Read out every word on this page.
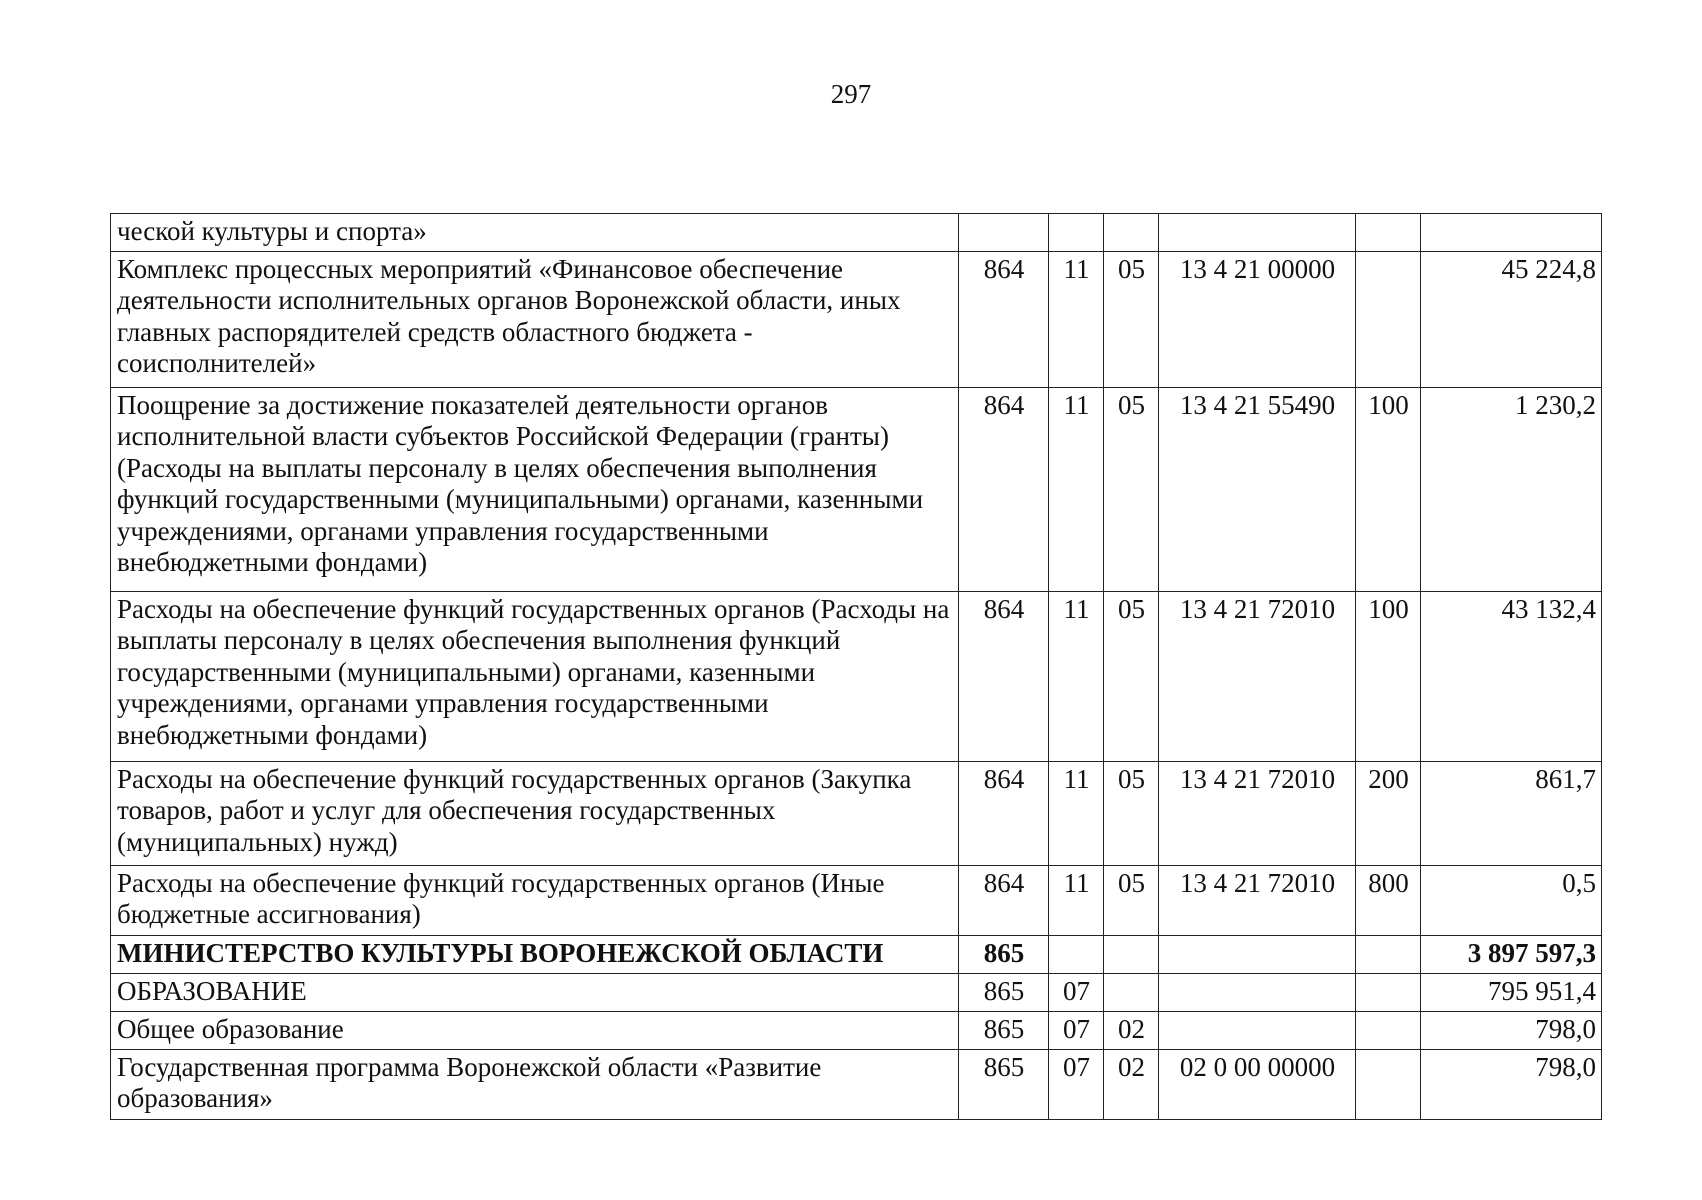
297
ческой культуры и спорта»						
Комплекс процессных мероприятий «Финансовое обеспечение деятельности исполнительных органов Воронежской области, иных главных распорядителей средств областного бюджета - соисполнителей»	864	11	05	13 4 21 00000		45 224,8
Поощрение за достижение показателей деятельности органов исполнительной власти субъектов Российской Федерации (гранты) (Расходы на выплаты персоналу в целях обеспечения выполнения функций государственными (муниципальными) органами, казенными учреждениями, органами управления государственными внебюджетными фондами)	864	11	05	13 4 21 55490	100	1 230,2
Расходы на обеспечение функций государственных органов (Расходы на выплаты персоналу в целях обеспечения выполнения функций государственными (муниципальными) органами, казенными учреждениями, органами управления государственными внебюджетными фондами)	864	11	05	13 4 21 72010	100	43 132,4
Расходы на обеспечение функций государственных органов (Закупка товаров, работ и услуг для обеспечения государственных (муниципальных) нужд)	864	11	05	13 4 21 72010	200	861,7
Расходы на обеспечение функций государственных органов (Иные бюджетные ассигнования)	864	11	05	13 4 21 72010	800	0,5
МИНИСТЕРСТВО КУЛЬТУРЫ ВОРОНЕЖСКОЙ ОБЛАСТИ	865					3 897 597,3
ОБРАЗОВАНИЕ	865	07				795 951,4
Общее образование	865	07	02			798,0
Государственная программа Воронежской области «Развитие образования»	865	07	02	02 0 00 00000		798,0
